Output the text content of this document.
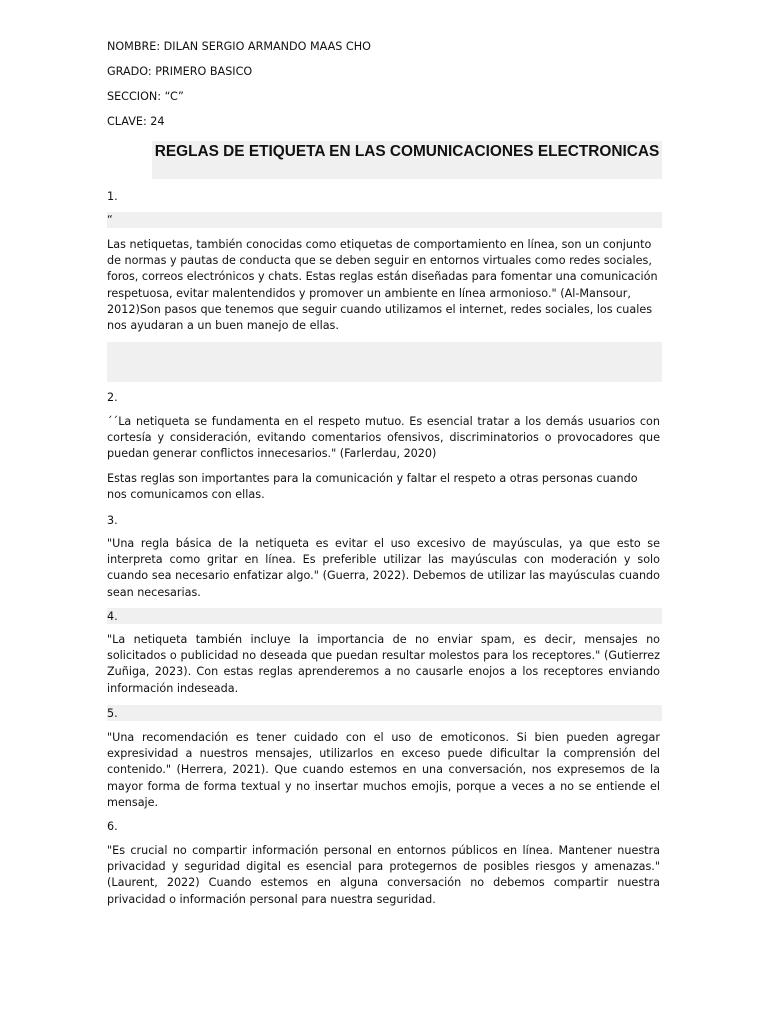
NOMBRE: DILAN SERGIO ARMANDO MAAS CHO

GRADO: PRIMERO BASICO

SECCION: “C”

CLAVE: 24

REGLAS DE ETIQUETA EN LAS COMUNICACIONES ELECTRONICAS

1.

“

Las netiquetas, también conocidas como etiquetas de comportamiento en línea, son un conjunto de normas y pautas de conducta que se deben seguir en entornos virtuales como redes sociales, foros, correos electrónicos y chats. Estas reglas están diseñadas para fomentar una comunicación respetuosa, evitar malentendidos y promover un ambiente en línea armonioso." (Al-Mansour, 2012)Son pasos que tenemos que seguir cuando utilizamos el internet, redes sociales, los cuales nos ayudaran a un buen manejo de ellas.

2.

´´La netiqueta se fundamenta en el respeto mutuo. Es esencial tratar a los demás usuarios con cortesía y consideración, evitando comentarios ofensivos, discriminatorios o provocadores que puedan generar conflictos innecesarios." (Farlerdau, 2020)

Estas reglas son importantes para la comunicación y faltar el respeto a otras personas cuando nos comunicamos con ellas.

3.

"Una regla básica de la netiqueta es evitar el uso excesivo de mayúsculas, ya que esto se interpreta como gritar en línea. Es preferible utilizar las mayúsculas con moderación y solo cuando sea necesario enfatizar algo." (Guerra, 2022). Debemos de utilizar las mayúsculas cuando sean necesarias.

4.

"La netiqueta también incluye la importancia de no enviar spam, es decir, mensajes no solicitados o publicidad no deseada que puedan resultar molestos para los receptores." (Gutierrez Zuñiga, 2023). Con estas reglas aprenderemos a no causarle enojos a los receptores enviando información indeseada.

5.

"Una recomendación es tener cuidado con el uso de emoticonos. Si bien pueden agregar expresividad a nuestros mensajes, utilizarlos en exceso puede dificultar la comprensión del contenido." (Herrera, 2021). Que cuando estemos en una conversación, nos expresemos de la mayor forma de forma textual y no insertar muchos emojis, porque a veces a no se entiende el mensaje.

6.

"Es crucial no compartir información personal en entornos públicos en línea. Mantener nuestra privacidad y seguridad digital es esencial para protegernos de posibles riesgos y amenazas." (Laurent, 2022) Cuando estemos en alguna conversación no debemos compartir nuestra privacidad o información personal para nuestra seguridad.
